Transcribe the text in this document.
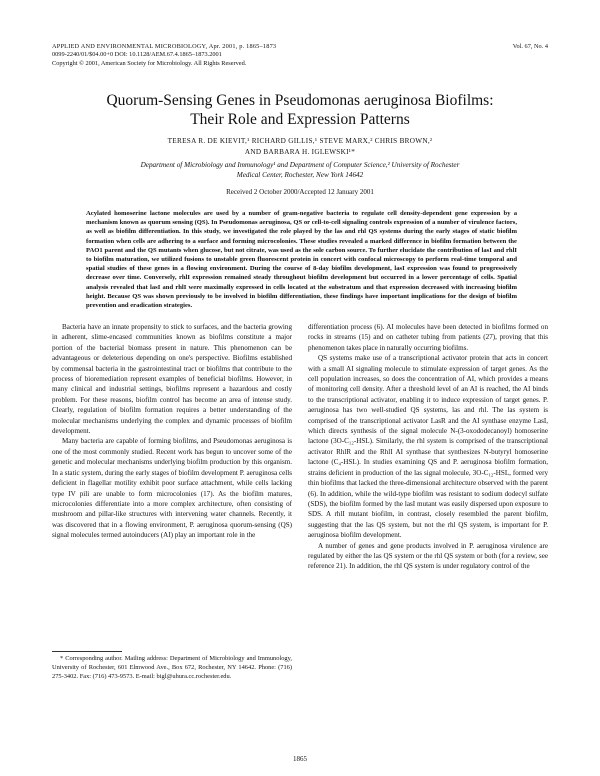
APPLIED AND ENVIRONMENTAL MICROBIOLOGY, Apr. 2001, p. 1865–1873
0099-2240/01/$04.00+0 DOI: 10.1128/AEM.67.4.1865–1873.2001
Copyright © 2001, American Society for Microbiology. All Rights Reserved.
Vol. 67, No. 4
Quorum-Sensing Genes in Pseudomonas aeruginosa Biofilms:
Their Role and Expression Patterns
TERESA R. DE KIEVIT,¹ RICHARD GILLIS,¹ STEVE MARX,² CHRIS BROWN,²
AND BARBARA H. IGLEWSKI¹*
Department of Microbiology and Immunology¹ and Department of Computer Science,² University of Rochester
Medical Center, Rochester, New York 14642
Received 2 October 2000/Accepted 12 January 2001

Acylated homoserine lactone molecules are used by a number of gram-negative bacteria to regulate cell density-dependent gene expression by a mechanism known as quorum sensing (QS). In Pseudomonas aeruginosa, QS or cell-to-cell signaling controls expression of a number of virulence factors, as well as biofilm differentiation. In this study, we investigated the role played by the las and rhl QS systems during the early stages of static biofilm formation when cells are adhering to a surface and forming microcolonies. These studies revealed a marked difference in biofilm formation between the PAO1 parent and the QS mutants when glucose, but not citrate, was used as the sole carbon source. To further elucidate the contribution of lasI and rhlI to biofilm maturation, we utilized fusions to unstable green fluorescent protein in concert with confocal microscopy to perform real-time temporal and spatial studies of these genes in a flowing environment. During the course of 8-day biofilm development, lasI expression was found to progressively decrease over time. Conversely, rhlI expression remained steady throughout biofilm development but occurred in a lower percentage of cells. Spatial analysis revealed that lasI and rhlI were maximally expressed in cells located at the substratum and that expression decreased with increasing biofilm height. Because QS was shown previously to be involved in biofilm differentiation, these findings have important implications for the design of biofilm prevention and eradication strategies.

Bacteria have an innate propensity to stick to surfaces, and the bacteria growing in adherent, slime-encased communities known as biofilms constitute a major portion of the bacterial biomass present in nature. This phenomenon can be advantageous or deleterious depending on one's perspective. Biofilms established by commensal bacteria in the gastrointestinal tract or biofilms that contribute to the process of bioremediation represent examples of beneficial biofilms. However, in many clinical and industrial settings, biofilms represent a hazardous and costly problem. For these reasons, biofilm control has become an area of intense study. Clearly, regulation of biofilm formation requires a better understanding of the molecular mechanisms underlying the complex and dynamic processes of biofilm development.

Many bacteria are capable of forming biofilms, and Pseudomonas aeruginosa is one of the most commonly studied. Recent work has begun to uncover some of the genetic and molecular mechanisms underlying biofilm production by this organism. In a static system, during the early stages of biofilm development P. aeruginosa cells deficient in flagellar motility exhibit poor surface attachment, while cells lacking type IV pili are unable to form microcolonies (17). As the biofilm matures, microcolonies differentiate into a more complex architecture, often consisting of mushroom and pillar-like structures with intervening water channels. Recently, it was discovered that in a flowing environment, P. aeruginosa quorum-sensing (QS) signal molecules termed autoinducers (AI) play an important role in the

differentiation process (6). AI molecules have been detected in biofilms formed on rocks in streams (15) and on catheter tubing from patients (27), proving that this phenomenon takes place in naturally occurring biofilms.

QS systems make use of a transcriptional activator protein that acts in concert with a small AI signaling molecule to stimulate expression of target genes. As the cell population increases, so does the concentration of AI, which provides a means of monitoring cell density. After a threshold level of an AI is reached, the AI binds to the transcriptional activator, enabling it to induce expression of target genes. P. aeruginosa has two well-studied QS systems, las and rhl. The las system is comprised of the transcriptional activator LasR and the AI synthase enzyme LasI, which directs synthesis of the signal molecule N-(3-oxododecanoyl) homoserine lactone (3O-C₁₂-HSL). Similarly, the rhl system is comprised of the transcriptional activator RhlR and the RhlI AI synthase that synthesizes N-butyryl homoserine lactone (C₄-HSL). In studies examining QS and P. aeruginosa biofilm formation, strains deficient in production of the las signal molecule, 3O-C₁₂-HSL, formed very thin biofilms that lacked the three-dimensional architecture observed with the parent (6). In addition, while the wild-type biofilm was resistant to sodium dodecyl sulfate (SDS), the biofilm formed by the lasI mutant was easily dispersed upon exposure to SDS. A rhlI mutant biofilm, in contrast, closely resembled the parent biofilm, suggesting that the las QS system, but not the rhl QS system, is important for P. aeruginosa biofilm development.

A number of genes and gene products involved in P. aeruginosa virulence are regulated by either the las QS system or the rhl QS system or both (for a review, see reference 21). In addition, the rhl QS system is under regulatory control of the

* Corresponding author. Mailing address: Department of Microbiology and Immunology, University of Rochester, 601 Elmwood Ave., Box 672, Rochester, NY 14642. Phone: (716) 275-3402. Fax: (716) 473-9573. E-mail: bigl@uhura.cc.rochester.edu.

1865
